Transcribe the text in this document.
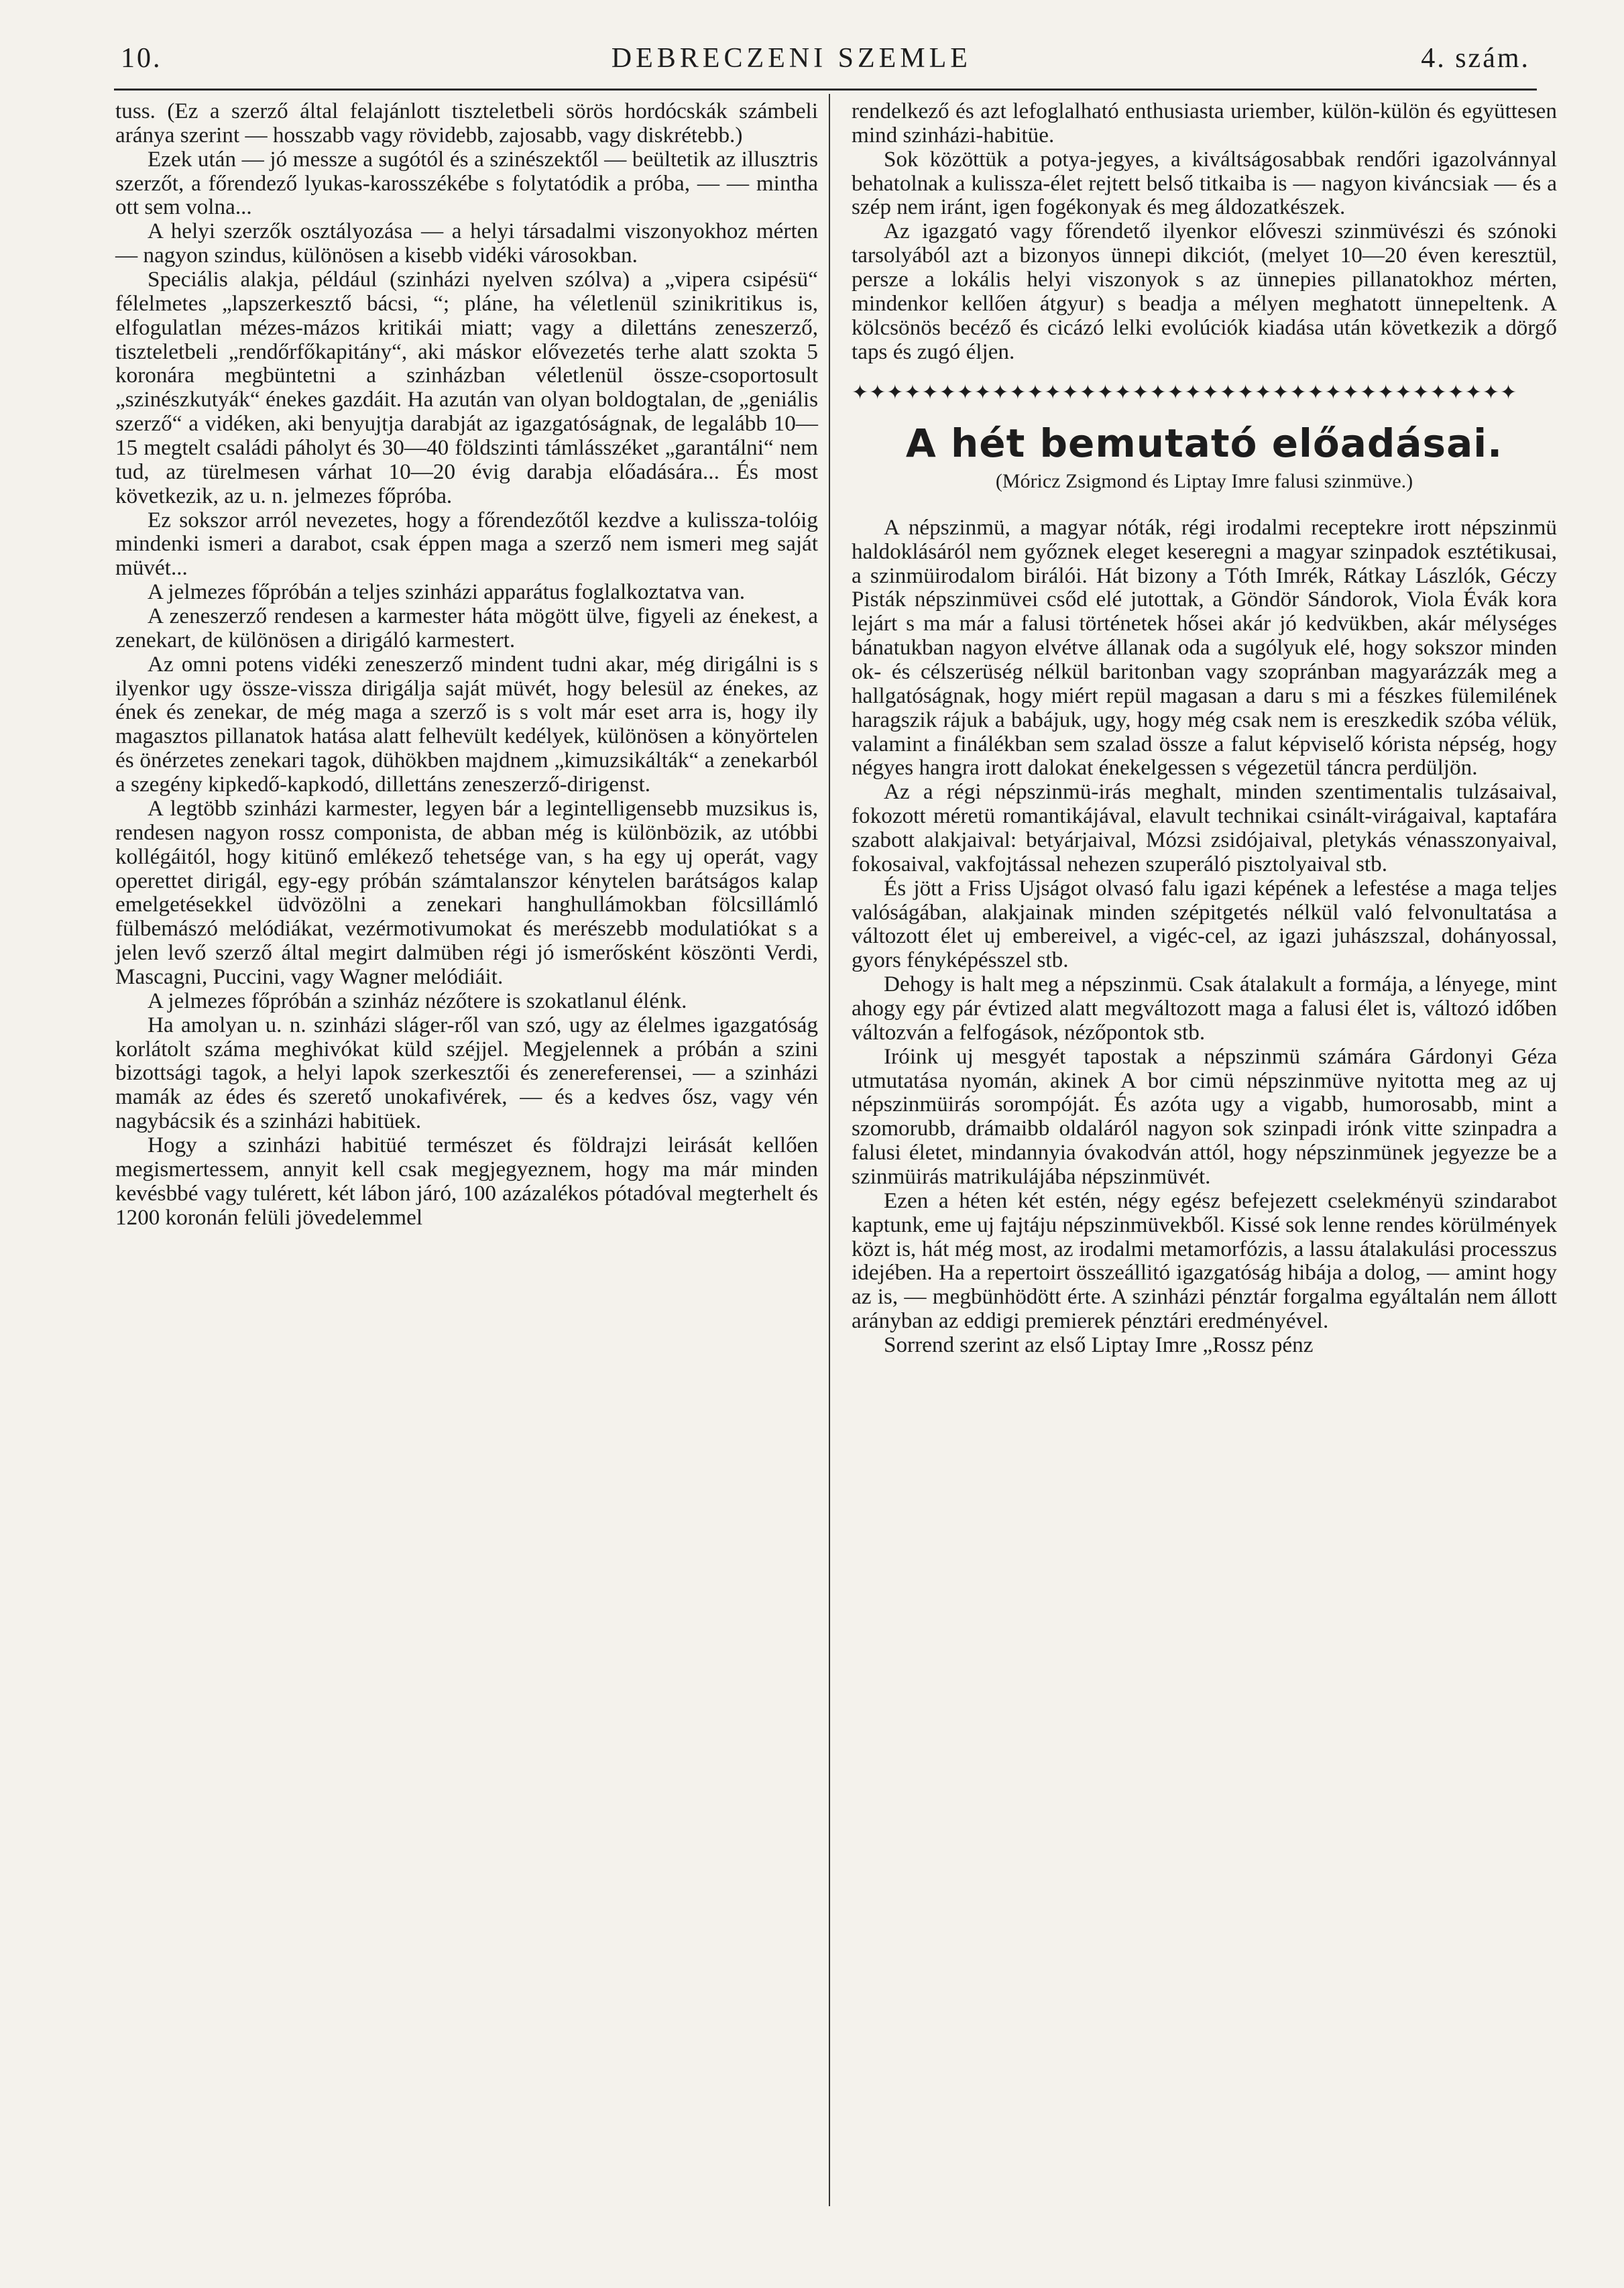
10.	DEBRECZENI SZEMLE	4. szám.

tuss. (Ez a szerző által felajánlott tiszteletbeli sörös hordócskák számbeli aránya szerint — hosszabb vagy rövidebb, zajosabb, vagy diskrétebb.)

Ezek után — jó messze a sugótól és a szinészektől — beültetik az illusztris szerzőt, a főrendező lyukas-karosszékébe s folytatódik a próba, — — mintha ott sem volna...

A helyi szerzők osztályozása — a helyi társadalmi viszonyokhoz mérten — nagyon szindus, különösen a kisebb vidéki városokban.

Speciális alakja, például (szinházi nyelven szólva) a „vipera csipésü“ félelmetes „lapszerkesztő bácsi, “; pláne, ha véletlenül szinikritikus is, elfogulatlan mézes-mázos kritikái miatt; vagy a dilettáns zeneszerző, tiszteletbeli „rendőrfőkapitány“, aki máskor elővezetés terhe alatt szokta 5 koronára megbüntetni a szinházban véletlenül össze-csoportosult „szinészkutyák“ énekes gazdáit. Ha azután van olyan boldogtalan, de „geniális szerző“ a vidéken, aki benyujtja darabját az igazgatóságnak, de legalább 10—15 megtelt családi páholyt és 30—40 földszinti támlásszéket „garantálni“ nem tud, az türelmesen várhat 10—20 évig darabja előadására... És most következik, az u. n. jelmezes főpróba.

Ez sokszor arról nevezetes, hogy a főrendezőtől kezdve a kulissza-tolóig mindenki ismeri a darabot, csak éppen maga a szerző nem ismeri meg saját müvét...

A jelmezes főpróbán a teljes szinházi apparátus foglalkoztatva van.

A zeneszerző rendesen a karmester háta mögött ülve, figyeli az énekest, a zenekart, de különösen a dirigáló karmestert.

Az omni potens vidéki zeneszerző mindent tudni akar, még dirigálni is s ilyenkor ugy össze-vissza dirigálja saját müvét, hogy belesül az énekes, az ének és zenekar, de még maga a szerző is s volt már eset arra is, hogy ily magasztos pillanatok hatása alatt felhevült kedélyek, különösen a könyörtelen és önérzetes zenekari tagok, dühökben majdnem „kimuzsikálták“ a zenekarból a szegény kipkedő-kapkodó, dillettáns zeneszerző-dirigenst.

A legtöbb szinházi karmester, legyen bár a legintelligensebb muzsikus is, rendesen nagyon rossz componista, de abban még is különbözik, az utóbbi kollégáitól, hogy kitünő emlékező tehetsége van, s ha egy uj operát, vagy operettet dirigál, egy-egy próbán számtalanszor kénytelen barátságos kalap emelgetésekkel üdvözölni a zenekari hanghullámokban fölcsillámló fülbemászó melódiákat, vezérmotivumokat és merészebb modulatiókat s a jelen levő szerző által megirt dalmüben régi jó ismerősként köszönti Verdi, Mascagni, Puccini, vagy Wagner melódiáit.

A jelmezes főpróbán a szinház nézőtere is szokatlanul élénk.

Ha amolyan u. n. szinházi sláger-ről van szó, ugy az élelmes igazgatóság korlátolt száma meghivókat küld széjjel. Megjelennek a próbán a szini bizottsági tagok, a helyi lapok szerkesztői és zenereferensei, — a szinházi mamák az édes és szerető unokafivérek, — és a kedves ősz, vagy vén nagybácsik és a szinházi habitüek.

Hogy a szinházi habitüé természet és földrajzi leirását kellően megismertessem, annyit kell csak megjegyeznem, hogy ma már minden kevésbbé vagy tulérett, két lábon járó, 100 azázalékos pótadóval megterhelt és 1200 koronán felüli jövedelemmel

rendelkező és azt lefoglalható enthusiasta uriember, külön-külön és együttesen mind szinházi-habitüe.

Sok közöttük a potya-jegyes, a kiváltságosabbak rendőri igazolvánnyal behatolnak a kulissza-élet rejtett belső titkaiba is — nagyon kiváncsiak — és a szép nem iránt, igen fogékonyak és meg áldozatkészek.

Az igazgató vagy főrendető ilyenkor előveszi szinmüvészi és szónoki tarsolyából azt a bizonyos ünnepi dikciót, (melyet 10—20 éven keresztül, persze a lokális helyi viszonyok s az ünnepies pillanatokhoz mérten, mindenkor kellően átgyur) s beadja a mélyen meghatott ünnepeltenk. A kölcsönös becéző és cicázó lelki evolúciók kiadása után következik a dörgő taps és zugó éljen.

✦✦✦✦✦✦✦✦✦✦✦✦✦✦✦✦✦✦✦✦✦✦✦✦✦✦✦✦✦✦✦✦✦✦✦✦✦✦
A hét bemutató előadásai.
(Móricz Zsigmond és Liptay Imre falusi szinmüve.)

A népszinmü, a magyar nóták, régi irodalmi receptekre irott népszinmü haldoklásáról nem győznek eleget keseregni a magyar szinpadok esztétikusai, a szinmüirodalom birálói. Hát bizony a Tóth Imrék, Rátkay Lászlók, Géczy Pisták népszinmüvei csőd elé jutottak, a Göndör Sándorok, Viola Évák kora lejárt s ma már a falusi történetek hősei akár jó kedvükben, akár mélységes bánatukban nagyon elvétve állanak oda a sugólyuk elé, hogy sokszor minden ok- és célszerüség nélkül baritonban vagy szopránban magyarázzák meg a hallgatóságnak, hogy miért repül magasan a daru s mi a fészkes fülemilének haragszik rájuk a babájuk, ugy, hogy még csak nem is ereszkedik szóba vélük, valamint a finálékban sem szalad össze a falut képviselő kórista népség, hogy négyes hangra irott dalokat énekelgessen s végezetül táncra perdüljön.

Az a régi népszinmü-irás meghalt, minden szentimentalis tulzásaival, fokozott méretü romantikájával, elavult technikai csinált-virágaival, kaptafára szabott alakjaival: betyárjaival, Mózsi zsidójaival, pletykás vénasszonyaival, fokosaival, vakfojtással nehezen szuperáló pisztolyaival stb.

És jött a Friss Ujságot olvasó falu igazi képének a lefestése a maga teljes valóságában, alakjainak minden szépitgetés nélkül való felvonultatása a változott élet uj embereivel, a vigéc-cel, az igazi juhászszal, dohányossal, gyors fényképésszel stb.

Dehogy is halt meg a népszinmü. Csak átalakult a formája, a lényege, mint ahogy egy pár évtized alatt megváltozott maga a falusi élet is, változó időben változván a felfogások, nézőpontok stb.

Iróink uj mesgyét tapostak a népszinmü számára Gárdonyi Géza utmutatása nyomán, akinek A bor cimü népszinmüve nyitotta meg az uj népszinmüirás sorompóját. És azóta ugy a vigabb, humorosabb, mint a szomorubb, drámaibb oldaláról nagyon sok szinpadi irónk vitte szinpadra a falusi életet, mindannyia óvakodván attól, hogy népszinmünek jegyezze be a szinmüirás matrikulájába népszinmüvét.

Ezen a héten két estén, négy egész befejezett cselekményü szindarabot kaptunk, eme uj fajtáju népszinmüvekből. Kissé sok lenne rendes körülmények közt is, hát még most, az irodalmi metamorfózis, a lassu átalakulási processzus idejében. Ha a repertoirt összeállitó igazgatóság hibája a dolog, — amint hogy az is, — megbünhödött érte. A szinházi pénztár forgalma egyáltalán nem állott arányban az eddigi premierek pénztári eredményével.

Sorrend szerint az első Liptay Imre „Rossz pénz
